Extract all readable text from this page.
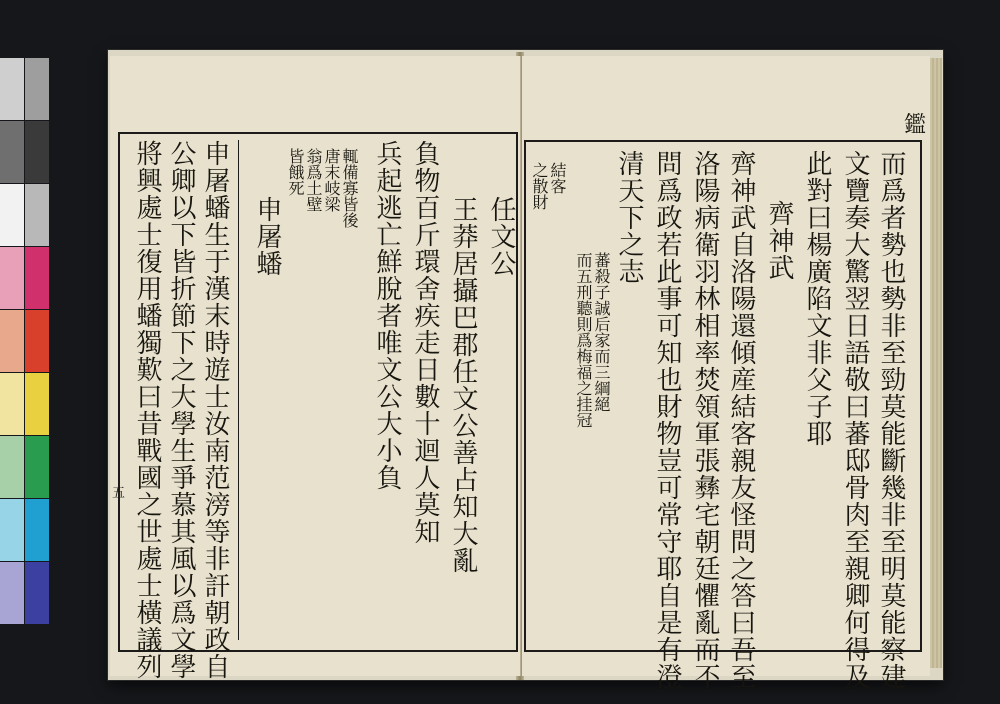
王莽居攝巴郡任文公善占知大亂 任文公
負物百斤環舍疾走日數十迴人莫知
兵起逃亡鮮脫者唯文公大小負
輒備寡皆後
唐末岐梁
翁爲土壁
皆餓死
申屠蟠
申屠蟠生于漢末時遊士汝南范滂等非訐朝政自
公卿以下皆折節下之大學生爭慕其風以爲文學
將興處士復用蟠獨歎曰昔戰國之世處士橫議列
五
鑑
而爲者勢也勢非至勁莫能斷幾非至明莫能察建
文覽奏大驚翌日語敬曰蕃邸骨肉至親卿何得及
此對曰楊廣陷文非父子耶
齊神武
齊神武自洛陽還傾産結客親友怪問之答曰吾至
洛陽病衛羽林相率焚領軍張彝宅朝廷懼亂而不
問爲政若此事可知也財物豈可常守耶自是有澄
清天下之志
蕃殺子誠后家而三綱絕
而五刑聽則爲梅福之挂冠
結客
之散財
